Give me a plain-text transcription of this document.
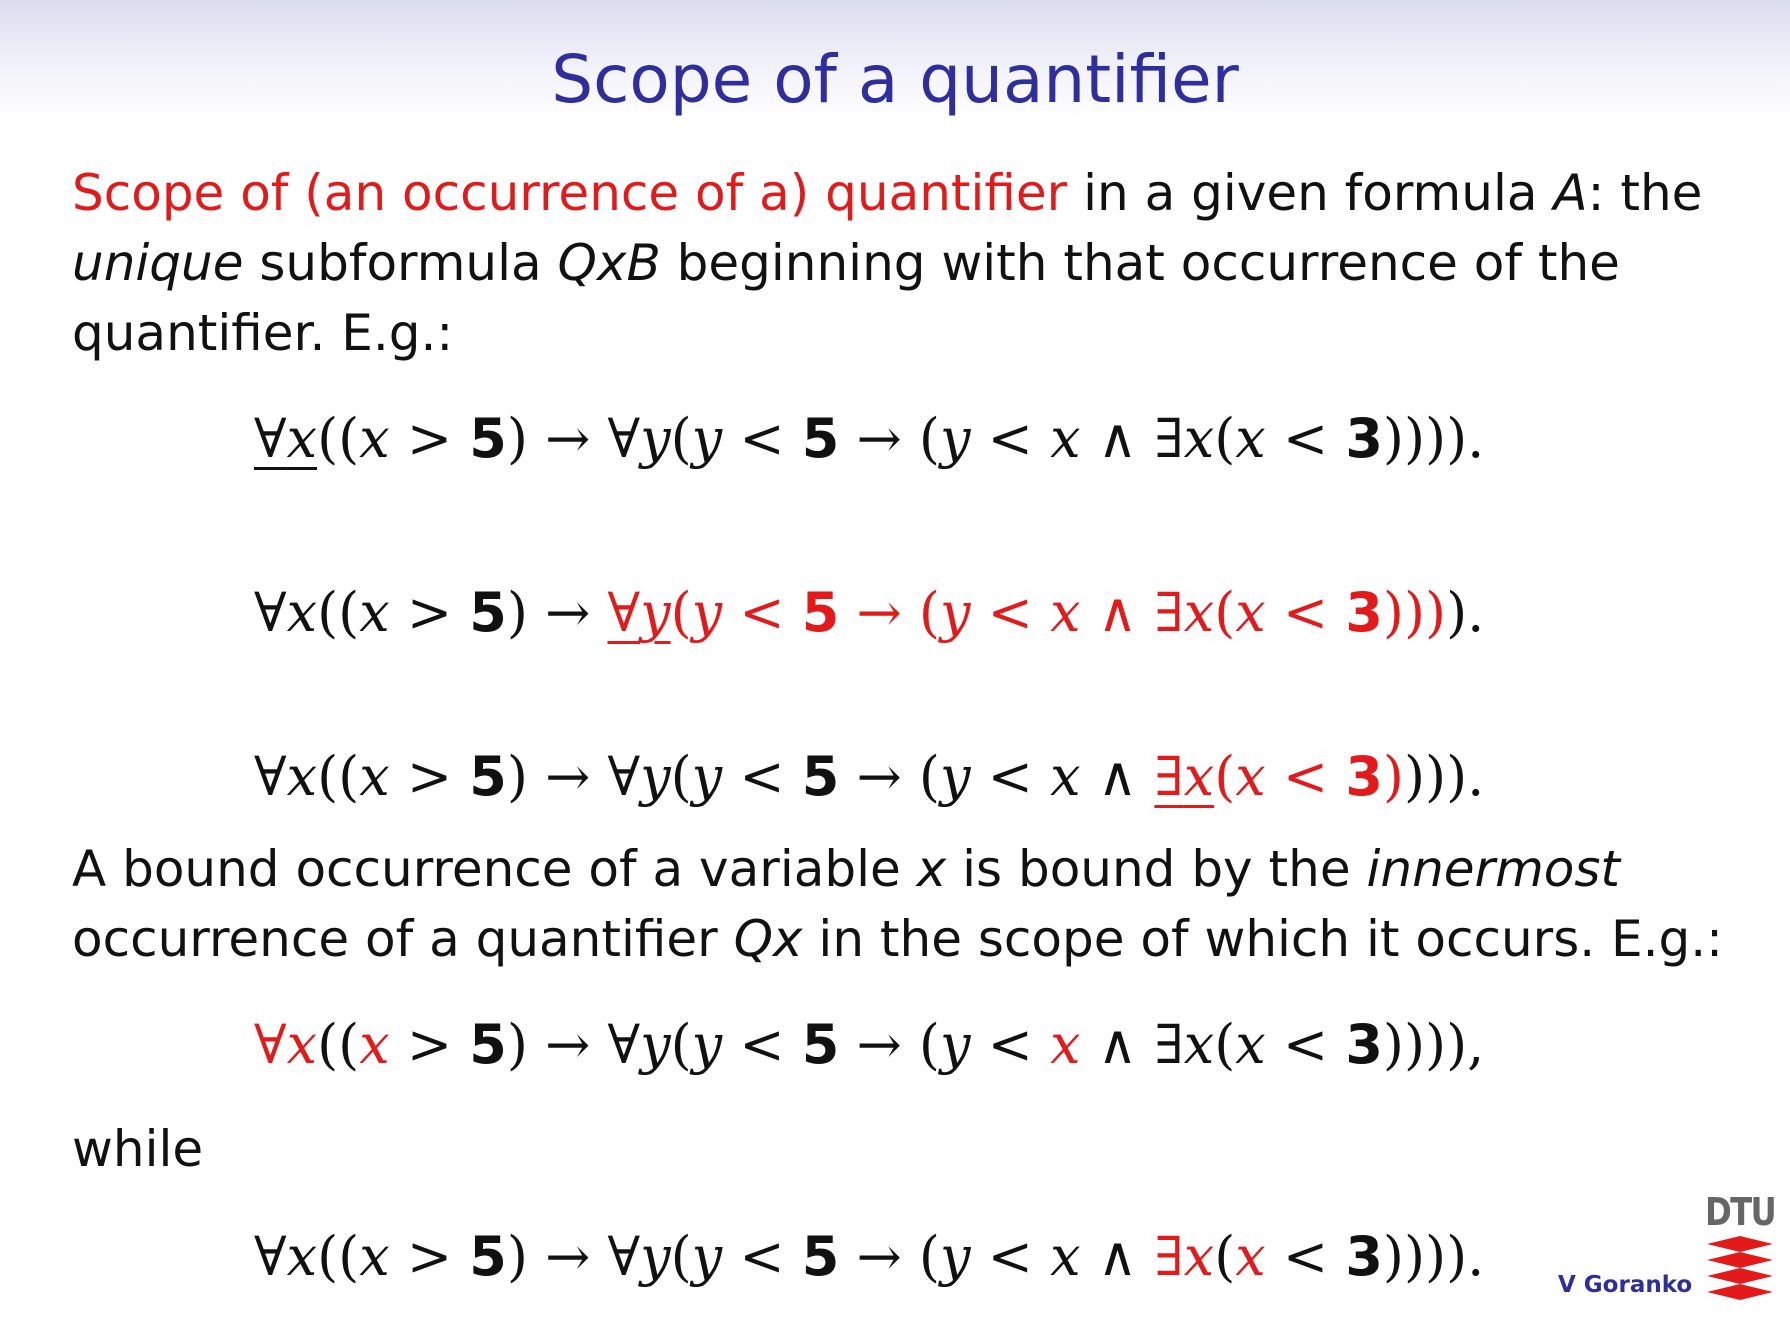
Scope of a quantifier
Scope of (an occurrence of a) quantifier in a given formula A: the unique subformula QxB beginning with that occurrence of the quantifier. E.g.:
∀x((x > 5) → ∀y(y < 5 → (y < x ∧ ∃x(x < 3)))).
∀x((x > 5) → ∀y(y < 5 → (y < x ∧ ∃x(x < 3)))).
∀x((x > 5) → ∀y(y < 5 → (y < x ∧ ∃x(x < 3)))).
A bound occurrence of a variable x is bound by the innermost occurrence of a quantifier Qx in the scope of which it occurs. E.g.:
∀x((x > 5) → ∀y(y < 5 → (y < x ∧ ∃x(x < 3)))),
while
∀x((x > 5) → ∀y(y < 5 → (y < x ∧ ∃x(x < 3)))).	V Goranko
DTU
